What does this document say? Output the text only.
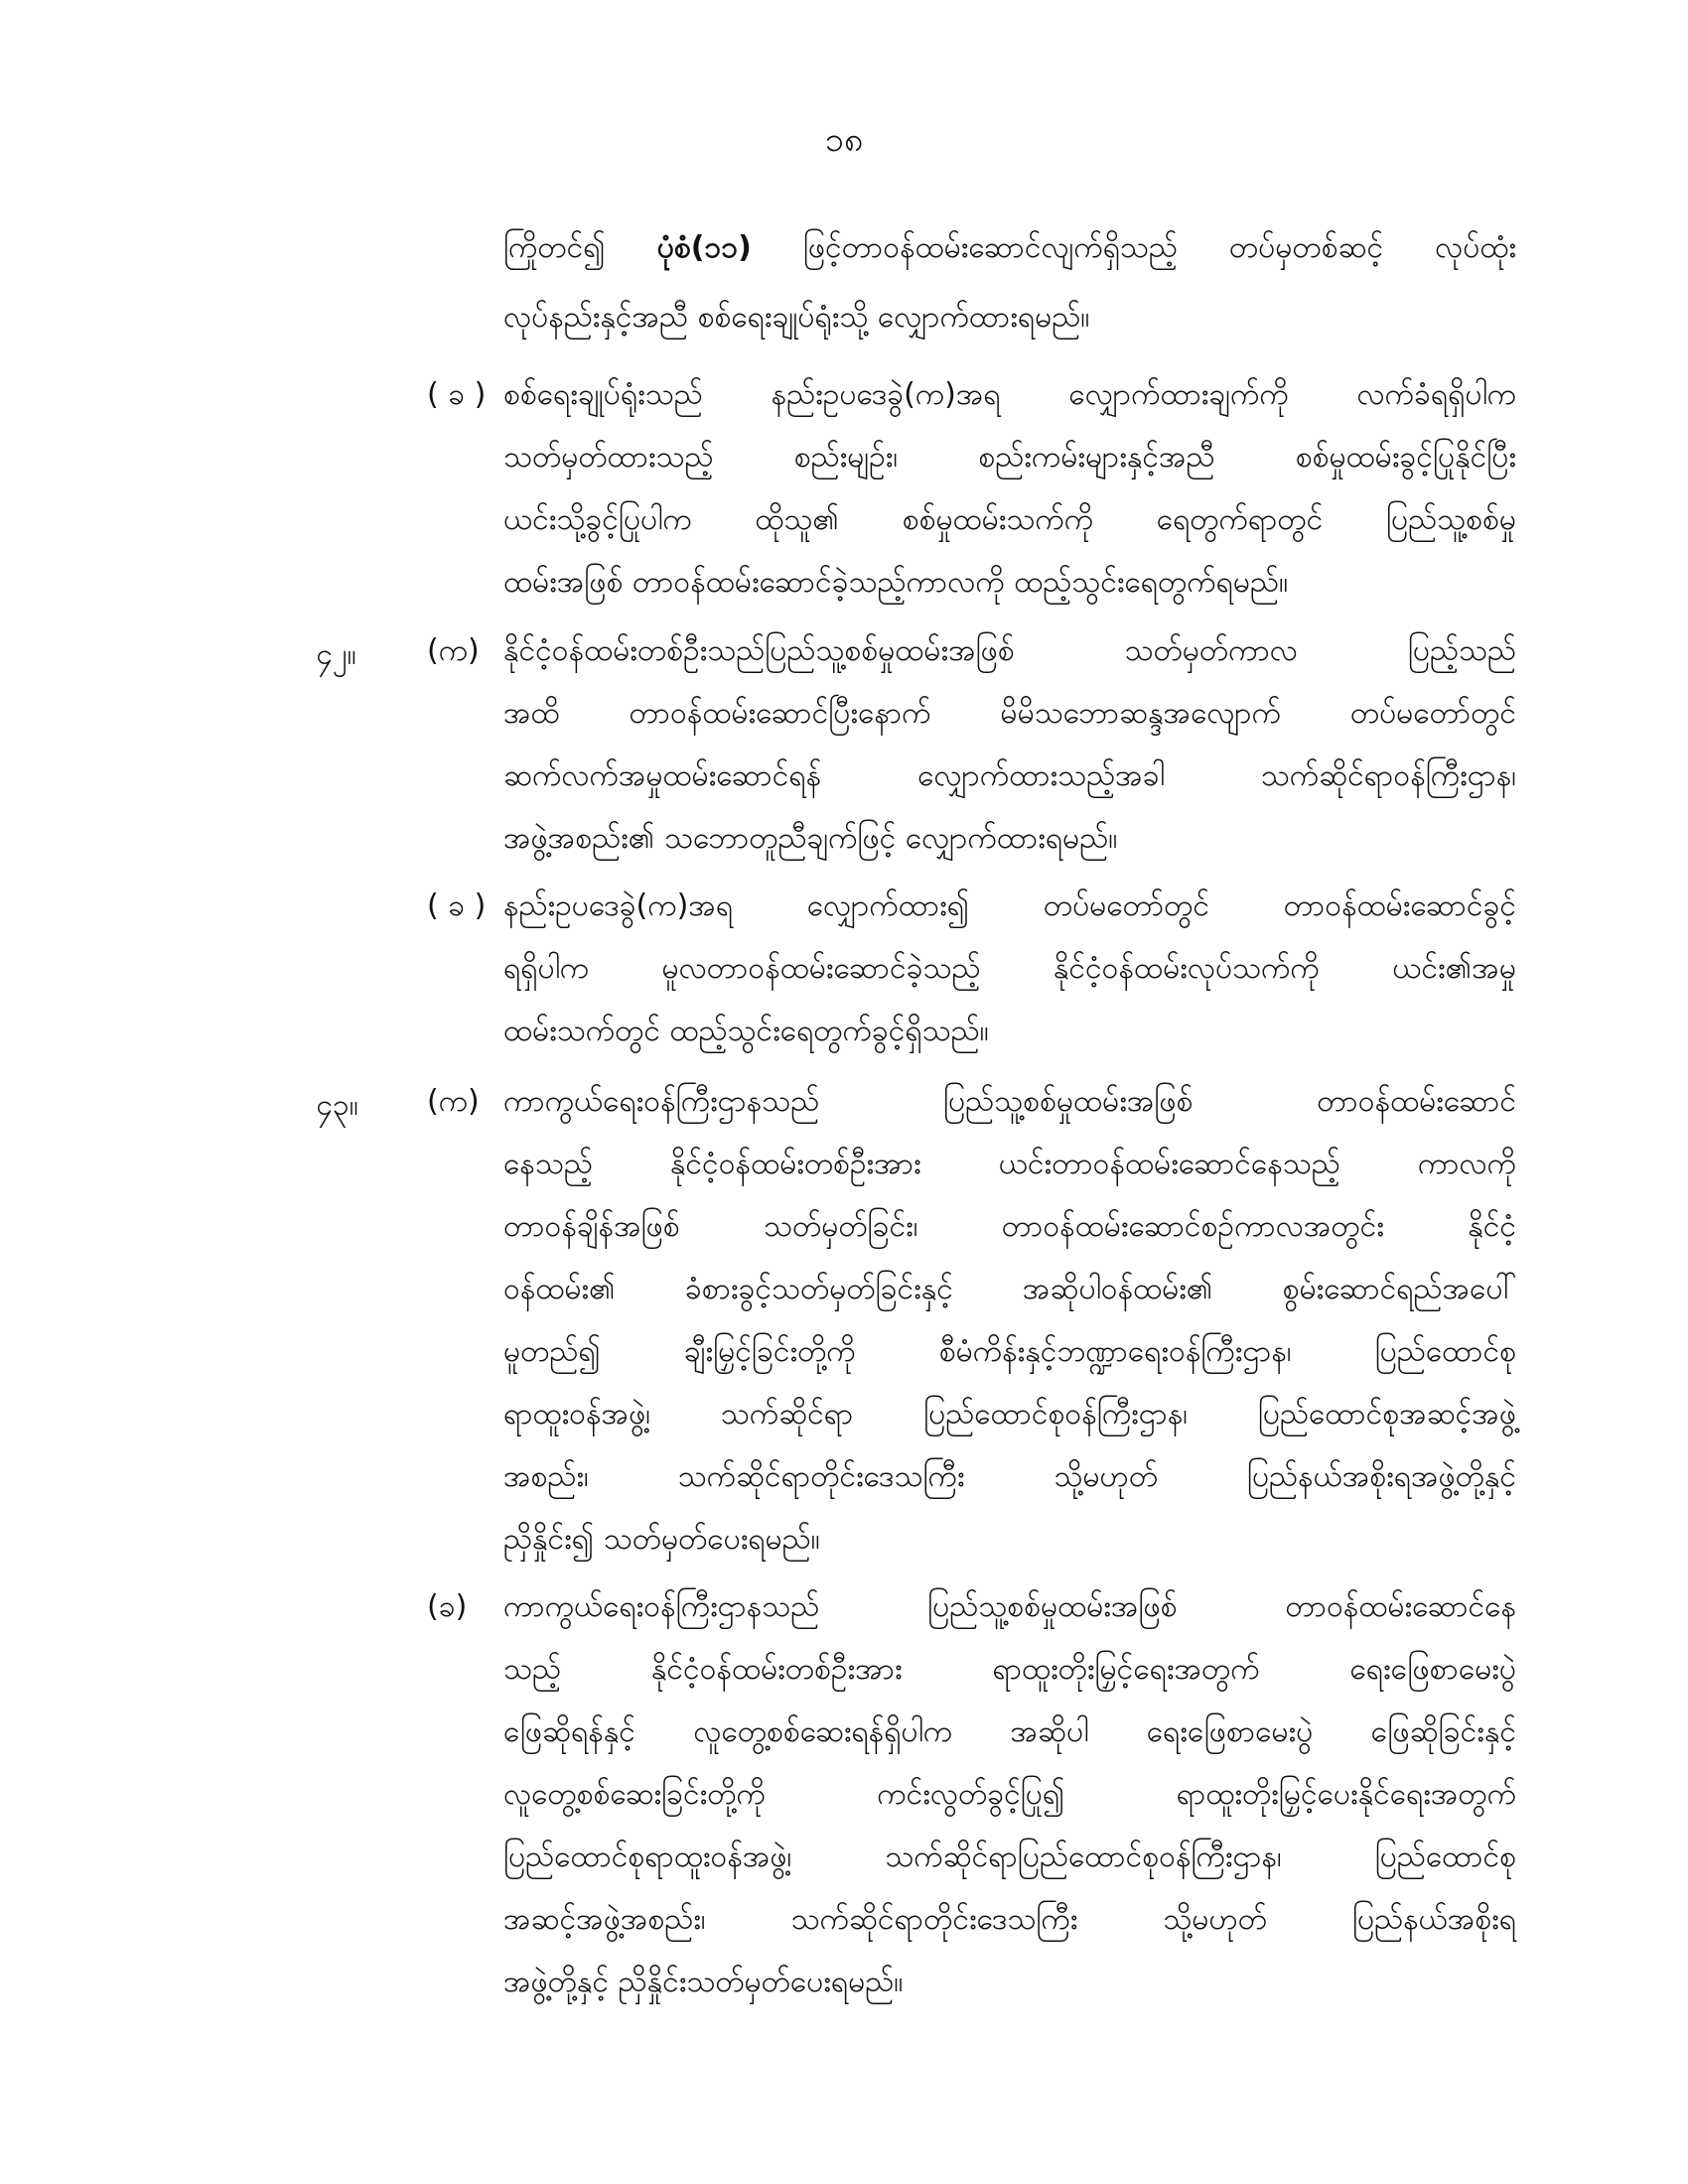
၁၈
ကြိုတင်၍ ပုံစံ(၁၁) ဖြင့်တာဝန်ထမ်းဆောင်လျက်ရှိသည့် တပ်မှတစ်ဆင့် လုပ်ထုံး
လုပ်နည်းနှင့်အညီ စစ်ရေးချုပ်ရုံးသို့ လျှောက်ထားရမည်။
( ခ ) စစ်ရေးချုပ်ရုံးသည် နည်းဥပဒေခွဲ(က)အရ လျှောက်ထားချက်ကို လက်ခံရရှိပါက
သတ်မှတ်ထားသည့် စည်းမျဉ်း၊ စည်းကမ်းများနှင့်အညီ စစ်မှုထမ်းခွင့်ပြုနိုင်ပြီး
ယင်းသို့ခွင့်ပြုပါက ထိုသူ၏ စစ်မှုထမ်းသက်ကို ရေတွက်ရာတွင် ပြည်သူ့စစ်မှု
ထမ်းအဖြစ် တာဝန်ထမ်းဆောင်ခဲ့သည့်ကာလကို ထည့်သွင်းရေတွက်ရမည်။
၄၂။ (က) နိုင်ငံ့ဝန်ထမ်းတစ်ဦးသည်ပြည်သူ့စစ်မှုထမ်းအဖြစ် သတ်မှတ်ကာလ ပြည့်သည်
အထိ တာဝန်ထမ်းဆောင်ပြီးနောက် မိမိသဘောဆန္ဒအလျောက် တပ်မတော်တွင်
ဆက်လက်အမှုထမ်းဆောင်ရန် လျှောက်ထားသည့်အခါ သက်ဆိုင်ရာဝန်ကြီးဌာန၊
အဖွဲ့အစည်း၏ သဘောတူညီချက်ဖြင့် လျှောက်ထားရမည်။
( ခ ) နည်းဥပဒေခွဲ(က)အရ လျှောက်ထား၍ တပ်မတော်တွင် တာဝန်ထမ်းဆောင်ခွင့်
ရရှိပါက မူလတာဝန်ထမ်းဆောင်ခဲ့သည့် နိုင်ငံ့ဝန်ထမ်းလုပ်သက်ကို ယင်း၏အမှု
ထမ်းသက်တွင် ထည့်သွင်းရေတွက်ခွင့်ရှိသည်။
၄၃။ (က) ကာကွယ်ရေးဝန်ကြီးဌာနသည် ပြည်သူ့စစ်မှုထမ်းအဖြစ် တာဝန်ထမ်းဆောင်
နေသည့် နိုင်ငံ့ဝန်ထမ်းတစ်ဦးအား ယင်းတာဝန်ထမ်းဆောင်နေသည့် ကာလကို
တာဝန်ချိန်အဖြစ် သတ်မှတ်ခြင်း၊ တာဝန်ထမ်းဆောင်စဉ်ကာလအတွင်း နိုင်ငံ့
ဝန်ထမ်း၏ ခံစားခွင့်သတ်မှတ်ခြင်းနှင့် အဆိုပါဝန်ထမ်း၏ စွမ်းဆောင်ရည်အပေါ်
မူတည်၍ ချီးမြှင့်ခြင်းတို့ကို စီမံကိန်းနှင့်ဘဏ္ဍာရေးဝန်ကြီးဌာန၊ ပြည်ထောင်စု
ရာထူးဝန်အဖွဲ့၊ သက်ဆိုင်ရာ ပြည်ထောင်စုဝန်ကြီးဌာန၊ ပြည်ထောင်စုအဆင့်အဖွဲ့
အစည်း၊ သက်ဆိုင်ရာတိုင်းဒေသကြီး သို့မဟုတ် ပြည်နယ်အစိုးရအဖွဲ့တို့နှင့်
ညှိနှိုင်း၍ သတ်မှတ်ပေးရမည်။
(ခ) ကာကွယ်ရေးဝန်ကြီးဌာနသည် ပြည်သူ့စစ်မှုထမ်းအဖြစ် တာဝန်ထမ်းဆောင်နေ
သည့် နိုင်ငံ့ဝန်ထမ်းတစ်ဦးအား ရာထူးတိုးမြှင့်ရေးအတွက် ရေးဖြေစာမေးပွဲ
ဖြေဆိုရန်နှင့် လူတွေ့စစ်ဆေးရန်ရှိပါက အဆိုပါ ရေးဖြေစာမေးပွဲ ဖြေဆိုခြင်းနှင့်
လူတွေ့စစ်ဆေးခြင်းတို့ကို ကင်းလွတ်ခွင့်ပြု၍ ရာထူးတိုးမြှင့်ပေးနိုင်ရေးအတွက်
ပြည်ထောင်စုရာထူးဝန်အဖွဲ့၊ သက်ဆိုင်ရာပြည်ထောင်စုဝန်ကြီးဌာန၊ ပြည်ထောင်စု
အဆင့်အဖွဲ့အစည်း၊ သက်ဆိုင်ရာတိုင်းဒေသကြီး သို့မဟုတ် ပြည်နယ်အစိုးရ
အဖွဲ့တို့နှင့် ညှိနှိုင်းသတ်မှတ်ပေးရမည်။
